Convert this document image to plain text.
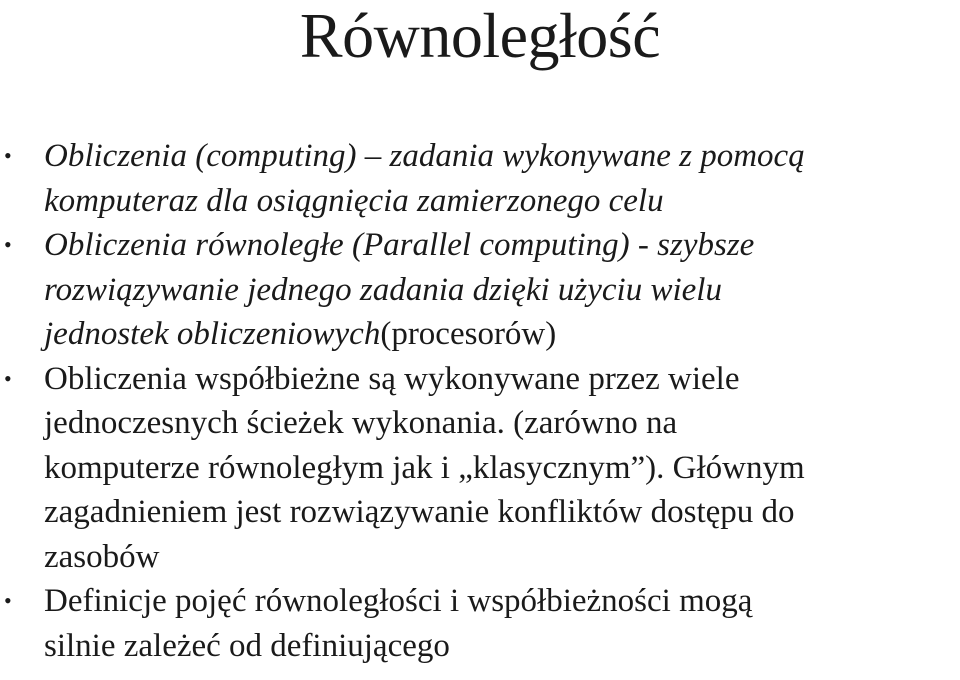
Równoległość
• Obliczenia (computing) – zadania wykonywane z pomocą
komputeraz dla osiągnięcia zamierzonego celu
• Obliczenia równoległe (Parallel computing) - szybsze
rozwiązywanie jednego zadania dzięki użyciu wielu
jednostek obliczeniowych(procesorów)
• Obliczenia współbieżne są wykonywane przez wiele
jednoczesnych ścieżek wykonania. (zarówno na
komputerze równoległym jak i „klasycznym”). Głównym
zagadnieniem jest rozwiązywanie konfliktów dostępu do
zasobów
• Definicje pojęć równoległości i współbieżności mogą
silnie zależeć od definiującego
